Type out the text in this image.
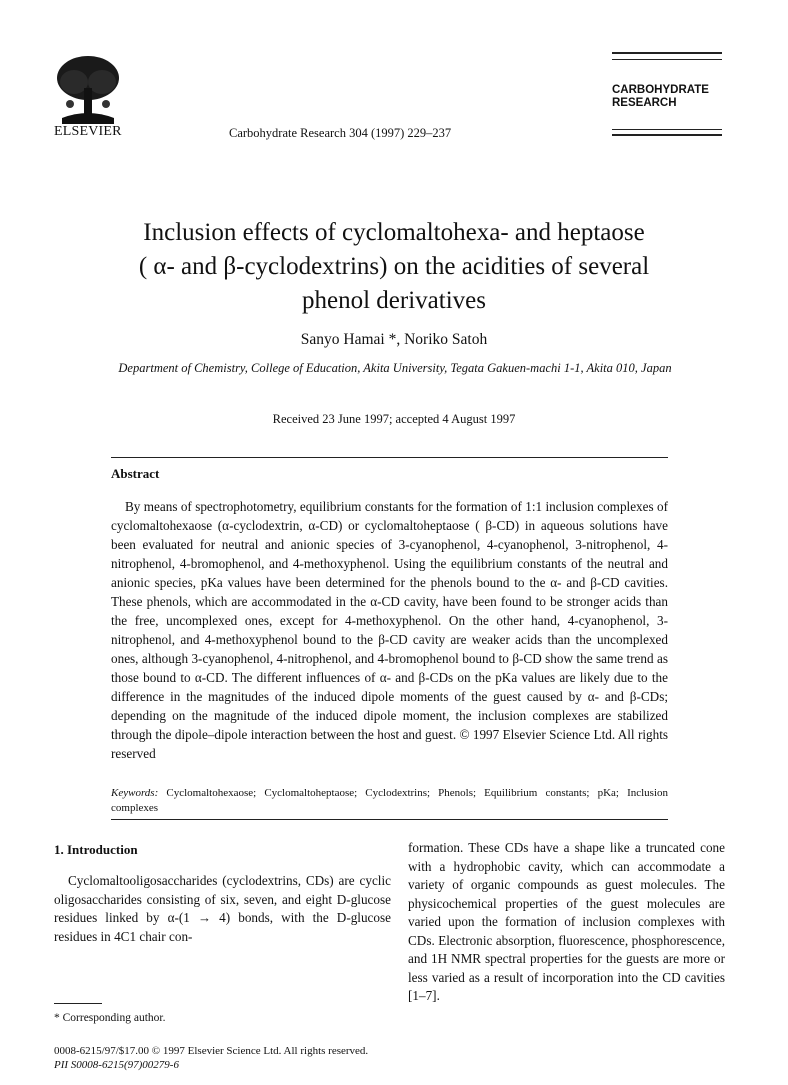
ELSEVIER	Carbohydrate Research 304 (1997) 229–237
CARBOHYDRATE
RESEARCH
Inclusion effects of cyclomaltohexa- and heptaose
( α- and β-cyclodextrins) on the acidities of several
phenol derivatives
Sanyo Hamai *, Noriko Satoh
Department of Chemistry, College of Education, Akita University, Tegata Gakuen-machi 1-1, Akita 010, Japan
Received 23 June 1997; accepted 4 August 1997
Abstract
By means of spectrophotometry, equilibrium constants for the formation of 1:1 inclusion complexes of cyclomaltohexaose (α-cyclodextrin, α-CD) or cyclomaltoheptaose ( β-CD) in aqueous solutions have been evaluated for neutral and anionic species of 3-cyanophenol, 4-cyanophenol, 3-nitrophenol, 4-nitrophenol, 4-bromophenol, and 4-methoxyphenol. Using the equilibrium constants of the neutral and anionic species, pKa values have been determined for the phenols bound to the α- and β-CD cavities. These phenols, which are accommodated in the α-CD cavity, have been found to be stronger acids than the free, uncomplexed ones, except for 4-methoxyphenol. On the other hand, 4-cyanophenol, 3-nitrophenol, and 4-methoxyphenol bound to the β-CD cavity are weaker acids than the uncomplexed ones, although 3-cyanophenol, 4-nitrophenol, and 4-bromophenol bound to β-CD show the same trend as those bound to α-CD. The different influences of α- and β-CDs on the pKa values are likely due to the difference in the magnitudes of the induced dipole moments of the guest caused by α- and β-CDs; depending on the magnitude of the induced dipole moment, the inclusion complexes are stabilized through the dipole–dipole interaction between the host and guest. © 1997 Elsevier Science Ltd. All rights reserved
Keywords: Cyclomaltohexaose; Cyclomaltoheptaose; Cyclodextrins; Phenols; Equilibrium constants; pKa; Inclusion complexes
1. Introduction
Cyclomaltooligosaccharides (cyclodextrins, CDs) are cyclic oligosaccharides consisting of six, seven, and eight D-glucose residues linked by α-(1 → 4) bonds, with the D-glucose residues in 4C1 chair con-
formation. These CDs have a shape like a truncated cone with a hydrophobic cavity, which can accommodate a variety of organic compounds as guest molecules. The physicochemical properties of the guest molecules are varied upon the formation of inclusion complexes with CDs. Electronic absorption, fluorescence, phosphorescence, and 1H NMR spectral properties for the guests are more or less varied as a result of incorporation into the CD cavities [1–7].
* Corresponding author.
0008-6215/97/$17.00 © 1997 Elsevier Science Ltd. All rights reserved.
PII S0008-6215(97)00279-6
